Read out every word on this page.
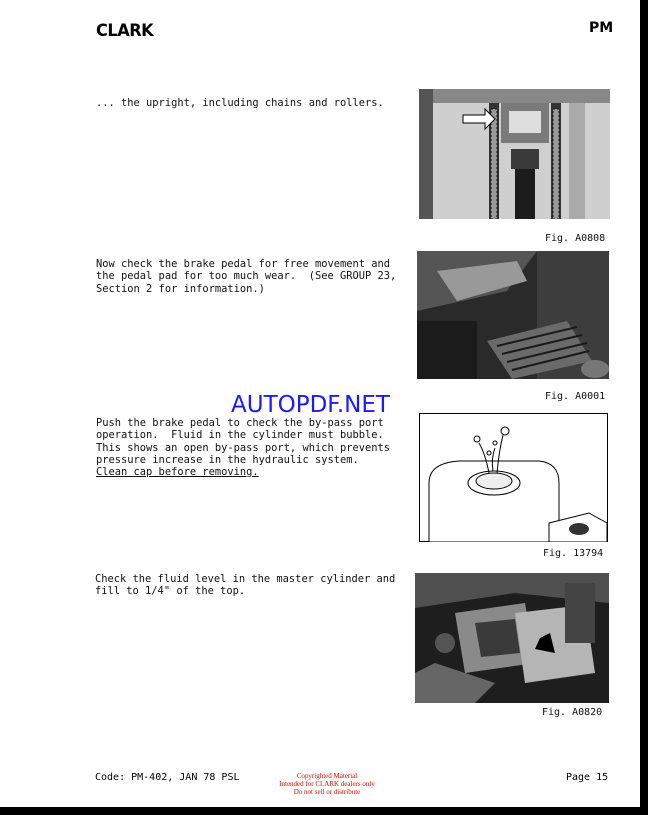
CLARK	PM
... the upright, including chains and rollers.
Fig. A0808
Now check the brake pedal for free movement and
the pedal pad for too much wear.  (See GROUP 23,
Section 2 for information.)
Fig. A0001
AUTOPDF.NET
Push the brake pedal to check the by-pass port
operation.  Fluid in the cylinder must bubble.
This shows an open by-pass port, which prevents
pressure increase in the hydraulic system.
Clean cap before removing.
Fig. 13794
Check the fluid level in the master cylinder and
fill to 1/4" of the top.
Fig. A0820
Code: PM-402, JAN 78 PSL	Copyrighted Material
Intended for CLARK dealers only
Do not sell or distribute
Page 15
